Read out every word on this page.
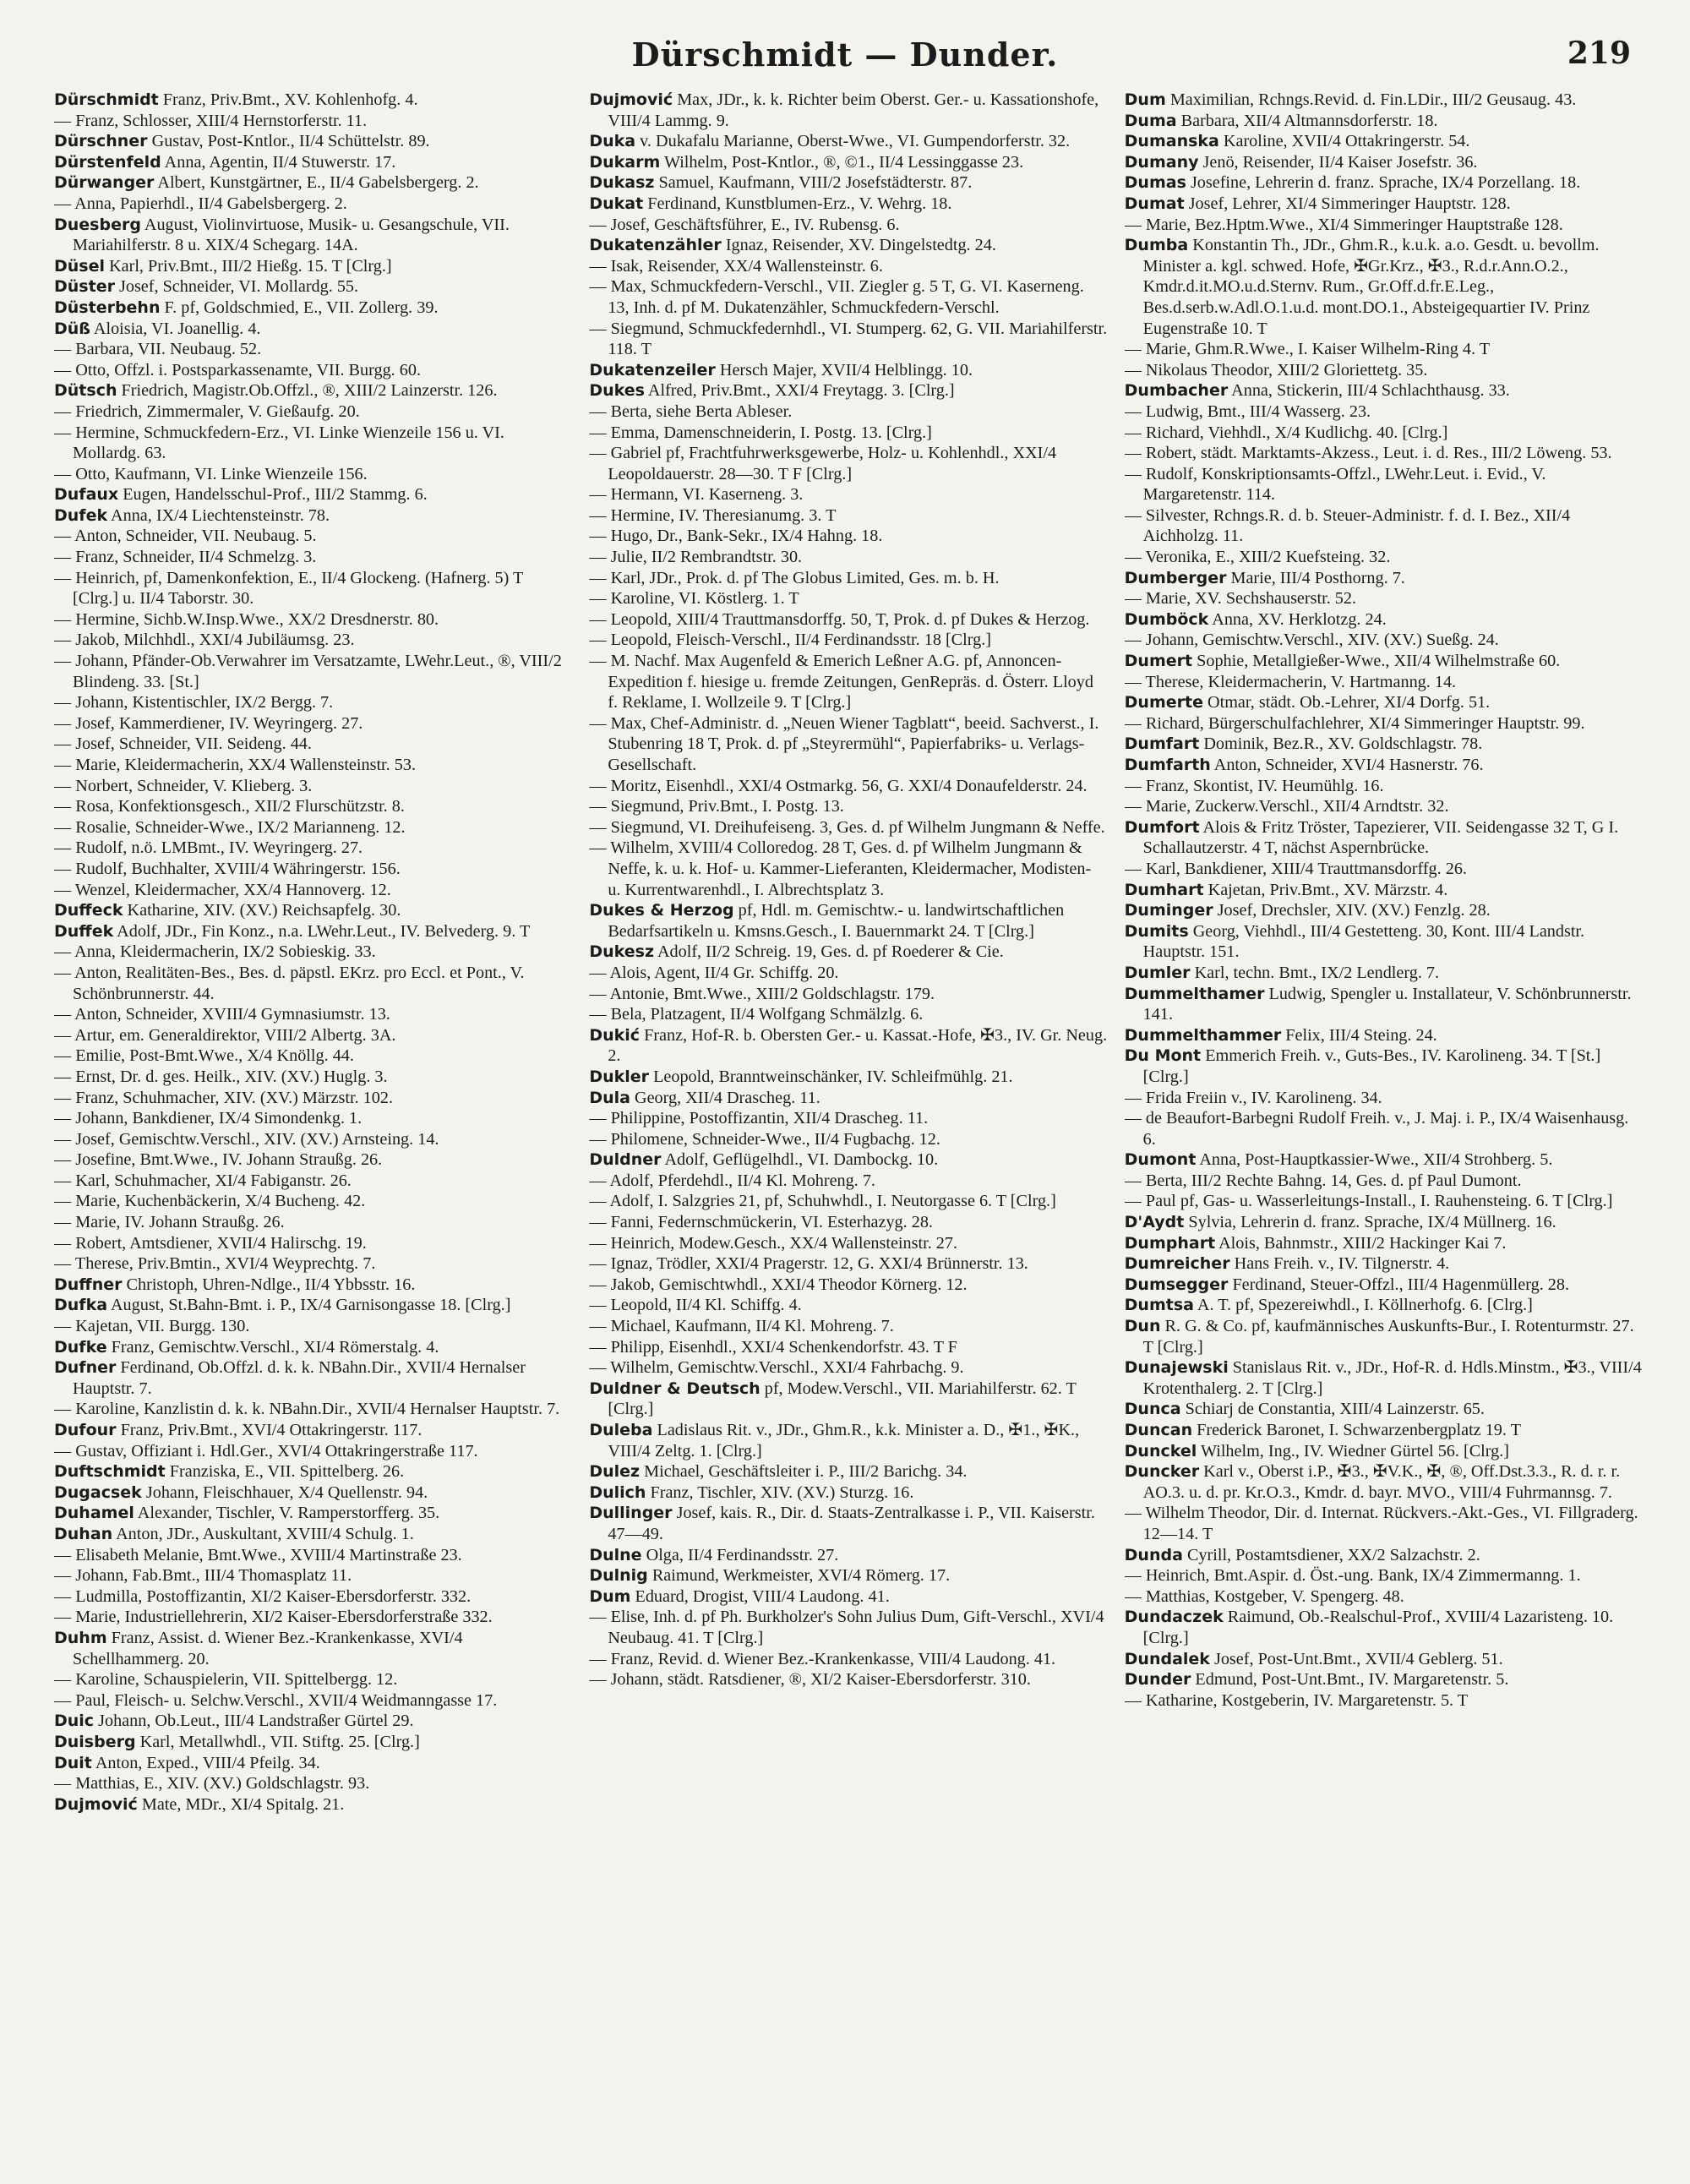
Dürschmidt — Dunder.	219

Dürschmidt Franz, Priv.Bmt., XV. Kohlenhofg. 4.

— Franz, Schlosser, XIII/4 Hernstorferstr. 11.

Dürschner Gustav, Post-Kntlor., II/4 Schüttelstr. 89.

Dürstenfeld Anna, Agentin, II/4 Stuwerstr. 17.

Dürwanger Albert, Kunstgärtner, E., II/4 Gabelsbergerg. 2.

— Anna, Papierhdl., II/4 Gabelsbergerg. 2.

Duesberg August, Violinvirtuose, Musik- u. Gesangschule, VII. Mariahilferstr. 8 u. XIX/4 Schegarg. 14A.

Düsel Karl, Priv.Bmt., III/2 Hießg. 15. T [Clrg.]

Düster Josef, Schneider, VI. Mollardg. 55.

Düsterbehn F. pf, Goldschmied, E., VII. Zollerg. 39.

Düß Aloisia, VI. Joanellig. 4.

— Barbara, VII. Neubaug. 52.

— Otto, Offzl. i. Postsparkassenamte, VII. Burgg. 60.

Dütsch Friedrich, Magistr.Ob.Offzl., ®, XIII/2 Lainzerstr. 126.

— Friedrich, Zimmermaler, V. Gießaufg. 20.

— Hermine, Schmuckfedern-Erz., VI. Linke Wienzeile 156 u. VI. Mollardg. 63.

— Otto, Kaufmann, VI. Linke Wienzeile 156.

Dufaux Eugen, Handelsschul-Prof., III/2 Stammg. 6.

Dufek Anna, IX/4 Liechtensteinstr. 78.

— Anton, Schneider, VII. Neubaug. 5.

— Franz, Schneider, II/4 Schmelzg. 3.

— Heinrich, pf, Damenkonfektion, E., II/4 Glockeng. (Hafnerg. 5) T [Clrg.] u. II/4 Taborstr. 30.

— Hermine, Sichb.W.Insp.Wwe., XX/2 Dresdnerstr. 80.

— Jakob, Milchhdl., XXI/4 Jubiläumsg. 23.

— Johann, Pfänder-Ob.Verwahrer im Versatzamte, LWehr.Leut., ®, VIII/2 Blindeng. 33. [St.]

— Johann, Kistentischler, IX/2 Bergg. 7.

— Josef, Kammerdiener, IV. Weyringerg. 27.

— Josef, Schneider, VII. Seideng. 44.

— Marie, Kleidermacherin, XX/4 Wallensteinstr. 53.

— Norbert, Schneider, V. Klieberg. 3.

— Rosa, Konfektionsgesch., XII/2 Flurschützstr. 8.

— Rosalie, Schneider-Wwe., IX/2 Marianneng. 12.

— Rudolf, n.ö. LMBmt., IV. Weyringerg. 27.

— Rudolf, Buchhalter, XVIII/4 Währingerstr. 156.

— Wenzel, Kleidermacher, XX/4 Hannoverg. 12.

Duffeck Katharine, XIV. (XV.) Reichsapfelg. 30.

Duffek Adolf, JDr., Fin Konz., n.a. LWehr.Leut., IV. Belvederg. 9. T

— Anna, Kleidermacherin, IX/2 Sobieskig. 33.

— Anton, Realitäten-Bes., Bes. d. päpstl. EKrz. pro Eccl. et Pont., V. Schönbrunnerstr. 44.

— Anton, Schneider, XVIII/4 Gymnasiumstr. 13.

— Artur, em. Generaldirektor, VIII/2 Albertg. 3A.

— Emilie, Post-Bmt.Wwe., X/4 Knöllg. 44.

— Ernst, Dr. d. ges. Heilk., XIV. (XV.) Huglg. 3.

— Franz, Schuhmacher, XIV. (XV.) Märzstr. 102.

— Johann, Bankdiener, IX/4 Simondenkg. 1.

— Josef, Gemischtw.Verschl., XIV. (XV.) Arnsteing. 14.

— Josefine, Bmt.Wwe., IV. Johann Straußg. 26.

— Karl, Schuhmacher, XI/4 Fabiganstr. 26.

— Marie, Kuchenbäckerin, X/4 Bucheng. 42.

— Marie, IV. Johann Straußg. 26.

— Robert, Amtsdiener, XVII/4 Halirschg. 19.

— Therese, Priv.Bmtin., XVI/4 Weyprechtg. 7.

Duffner Christoph, Uhren-Ndlge., II/4 Ybbsstr. 16.

Dufka August, St.Bahn-Bmt. i. P., IX/4 Garnisongasse 18. [Clrg.]

— Kajetan, VII. Burgg. 130.

Dufke Franz, Gemischtw.Verschl., XI/4 Römerstalg. 4.

Dufner Ferdinand, Ob.Offzl. d. k. k. NBahn.Dir., XVII/4 Hernalser Hauptstr. 7.

— Karoline, Kanzlistin d. k. k. NBahn.Dir., XVII/4 Hernalser Hauptstr. 7.

Dufour Franz, Priv.Bmt., XVI/4 Ottakringerstr. 117.

— Gustav, Offiziant i. Hdl.Ger., XVI/4 Ottakringerstraße 117.

Duftschmidt Franziska, E., VII. Spittelberg. 26.

Dugacsek Johann, Fleischhauer, X/4 Quellenstr. 94.

Duhamel Alexander, Tischler, V. Ramperstorfferg. 35.

Duhan Anton, JDr., Auskultant, XVIII/4 Schulg. 1.

— Elisabeth Melanie, Bmt.Wwe., XVIII/4 Martinstraße 23.

— Johann, Fab.Bmt., III/4 Thomasplatz 11.

— Ludmilla, Postoffizantin, XI/2 Kaiser-Ebersdorferstr. 332.

— Marie, Industriellehrerin, XI/2 Kaiser-Ebersdorferstraße 332.

Duhm Franz, Assist. d. Wiener Bez.-Krankenkasse, XVI/4 Schellhammerg. 20.

— Karoline, Schauspielerin, VII. Spittelbergg. 12.

— Paul, Fleisch- u. Selchw.Verschl., XVII/4 Weidmanngasse 17.

Duic Johann, Ob.Leut., III/4 Landstraßer Gürtel 29.

Duisberg Karl, Metallwhdl., VII. Stiftg. 25. [Clrg.]

Duit Anton, Exped., VIII/4 Pfeilg. 34.

— Matthias, E., XIV. (XV.) Goldschlagstr. 93.

Dujmović Mate, MDr., XI/4 Spitalg. 21.

Dujmović Max, JDr., k. k. Richter beim Oberst. Ger.- u. Kassationshofe, VIII/4 Lammg. 9.

Duka v. Dukafalu Marianne, Oberst-Wwe., VI. Gumpendorferstr. 32.

Dukarm Wilhelm, Post-Kntlor., ®, ©1., II/4 Lessinggasse 23.

Dukasz Samuel, Kaufmann, VIII/2 Josefstädterstr. 87.

Dukat Ferdinand, Kunstblumen-Erz., V. Wehrg. 18.

— Josef, Geschäftsführer, E., IV. Rubensg. 6.

Dukatenzähler Ignaz, Reisender, XV. Dingelstedtg. 24.

— Isak, Reisender, XX/4 Wallensteinstr. 6.

— Max, Schmuckfedern-Verschl., VII. Ziegler g. 5 T, G. VI. Kaserneng. 13, Inh. d. pf M. Dukatenzähler, Schmuckfedern-Verschl.

— Siegmund, Schmuckfedernhdl., VI. Stumperg. 62, G. VII. Mariahilferstr. 118. T

Dukatenzeiler Hersch Majer, XVII/4 Helblingg. 10.

Dukes Alfred, Priv.Bmt., XXI/4 Freytagg. 3. [Clrg.]

— Berta, siehe Berta Ableser.

— Emma, Damenschneiderin, I. Postg. 13. [Clrg.]

— Gabriel pf, Frachtfuhrwerksgewerbe, Holz- u. Kohlenhdl., XXI/4 Leopoldauerstr. 28—30. T F [Clrg.]

— Hermann, VI. Kaserneng. 3.

— Hermine, IV. Theresianumg. 3. T

— Hugo, Dr., Bank-Sekr., IX/4 Hahng. 18.

— Julie, II/2 Rembrandtstr. 30.

— Karl, JDr., Prok. d. pf The Globus Limited, Ges. m. b. H.

— Karoline, VI. Köstlerg. 1. T

— Leopold, XIII/4 Trauttmansdorffg. 50, T, Prok. d. pf Dukes & Herzog.

— Leopold, Fleisch-Verschl., II/4 Ferdinandsstr. 18 [Clrg.]

— M. Nachf. Max Augenfeld & Emerich Leßner A.G. pf, Annoncen-Expedition f. hiesige u. fremde Zeitungen, GenRepräs. d. Österr. Lloyd f. Reklame, I. Wollzeile 9. T [Clrg.]

— Max, Chef-Administr. d. „Neuen Wiener Tagblatt“, beeid. Sachverst., I. Stubenring 18 T, Prok. d. pf „Steyrermühl“, Papierfabriks- u. Verlags-Gesellschaft.

— Moritz, Eisenhdl., XXI/4 Ostmarkg. 56, G. XXI/4 Donaufelderstr. 24.

— Siegmund, Priv.Bmt., I. Postg. 13.

— Siegmund, VI. Dreihufeiseng. 3, Ges. d. pf Wilhelm Jungmann & Neffe.

— Wilhelm, XVIII/4 Colloredog. 28 T, Ges. d. pf Wilhelm Jungmann & Neffe, k. u. k. Hof- u. Kammer-Lieferanten, Kleidermacher, Modisten- u. Kurrentwarenhdl., I. Albrechtsplatz 3.

Dukes & Herzog pf, Hdl. m. Gemischtw.- u. landwirtschaftlichen Bedarfsartikeln u. Kmsns.Gesch., I. Bauernmarkt 24. T [Clrg.]

Dukesz Adolf, II/2 Schreig. 19, Ges. d. pf Roederer & Cie.

— Alois, Agent, II/4 Gr. Schiffg. 20.

— Antonie, Bmt.Wwe., XIII/2 Goldschlagstr. 179.

— Bela, Platzagent, II/4 Wolfgang Schmälzlg. 6.

Dukić Franz, Hof-R. b. Obersten Ger.- u. Kassat.-Hofe, ✠3., IV. Gr. Neug. 2.

Dukler Leopold, Branntweinschänker, IV. Schleifmühlg. 21.

Dula Georg, XII/4 Drascheg. 11.

— Philippine, Postoffizantin, XII/4 Drascheg. 11.

— Philomene, Schneider-Wwe., II/4 Fugbachg. 12.

Duldner Adolf, Geflügelhdl., VI. Dambockg. 10.

— Adolf, Pferdehdl., II/4 Kl. Mohreng. 7.

— Adolf, I. Salzgries 21, pf, Schuhwhdl., I. Neutorgasse 6. T [Clrg.]

— Fanni, Federnschmückerin, VI. Esterhazyg. 28.

— Heinrich, Modew.Gesch., XX/4 Wallensteinstr. 27.

— Ignaz, Trödler, XXI/4 Pragerstr. 12, G. XXI/4 Brünnerstr. 13.

— Jakob, Gemischtwhdl., XXI/4 Theodor Körnerg. 12.

— Leopold, II/4 Kl. Schiffg. 4.

— Michael, Kaufmann, II/4 Kl. Mohreng. 7.

— Philipp, Eisenhdl., XXI/4 Schenkendorfstr. 43. T F

— Wilhelm, Gemischtw.Verschl., XXI/4 Fahrbachg. 9.

Duldner & Deutsch pf, Modew.Verschl., VII. Mariahilferstr. 62. T [Clrg.]

Duleba Ladislaus Rit. v., JDr., Ghm.R., k.k. Minister a. D., ✠1., ✠K., VIII/4 Zeltg. 1. [Clrg.]

Dulez Michael, Geschäftsleiter i. P., III/2 Barichg. 34.

Dulich Franz, Tischler, XIV. (XV.) Sturzg. 16.

Dullinger Josef, kais. R., Dir. d. Staats-Zentralkasse i. P., VII. Kaiserstr. 47—49.

Dulne Olga, II/4 Ferdinandsstr. 27.

Dulnig Raimund, Werkmeister, XVI/4 Römerg. 17.

Dum Eduard, Drogist, VIII/4 Laudong. 41.

— Elise, Inh. d. pf Ph. Burkholzer's Sohn Julius Dum, Gift-Verschl., XVI/4 Neubaug. 41. T [Clrg.]

— Franz, Revid. d. Wiener Bez.-Krankenkasse, VIII/4 Laudong. 41.

— Johann, städt. Ratsdiener, ®, XI/2 Kaiser-Ebersdorferstr. 310.

Dum Maximilian, Rchngs.Revid. d. Fin.LDir., III/2 Geusaug. 43.

Duma Barbara, XII/4 Altmannsdorferstr. 18.

Dumanska Karoline, XVII/4 Ottakringerstr. 54.

Dumany Jenö, Reisender, II/4 Kaiser Josefstr. 36.

Dumas Josefine, Lehrerin d. franz. Sprache, IX/4 Porzellang. 18.

Dumat Josef, Lehrer, XI/4 Simmeringer Hauptstr. 128.

— Marie, Bez.Hptm.Wwe., XI/4 Simmeringer Hauptstraße 128.

Dumba Konstantin Th., JDr., Ghm.R., k.u.k. a.o. Gesdt. u. bevollm. Minister a. kgl. schwed. Hofe, ✠Gr.Krz., ✠3., R.d.r.Ann.O.2., Kmdr.d.it.MO.u.d.Sternv. Rum., Gr.Off.d.fr.E.Leg., Bes.d.serb.w.Adl.O.1.u.d. mont.DO.1., Absteigequartier IV. Prinz Eugenstraße 10. T

— Marie, Ghm.R.Wwe., I. Kaiser Wilhelm-Ring 4. T

— Nikolaus Theodor, XIII/2 Gloriettetg. 35.

Dumbacher Anna, Stickerin, III/4 Schlachthausg. 33.

— Ludwig, Bmt., III/4 Wasserg. 23.

— Richard, Viehhdl., X/4 Kudlichg. 40. [Clrg.]

— Robert, städt. Marktamts-Akzess., Leut. i. d. Res., III/2 Löweng. 53.

— Rudolf, Konskriptionsamts-Offzl., LWehr.Leut. i. Evid., V. Margaretenstr. 114.

— Silvester, Rchngs.R. d. b. Steuer-Administr. f. d. I. Bez., XII/4 Aichholzg. 11.

— Veronika, E., XIII/2 Kuefsteing. 32.

Dumberger Marie, III/4 Posthorng. 7.

— Marie, XV. Sechshauserstr. 52.

Dumböck Anna, XV. Herklotzg. 24.

— Johann, Gemischtw.Verschl., XIV. (XV.) Sueßg. 24.

Dumert Sophie, Metallgießer-Wwe., XII/4 Wilhelmstraße 60.

— Therese, Kleidermacherin, V. Hartmanng. 14.

Dumerte Otmar, städt. Ob.-Lehrer, XI/4 Dorfg. 51.

— Richard, Bürgerschulfachlehrer, XI/4 Simmeringer Hauptstr. 99.

Dumfart Dominik, Bez.R., XV. Goldschlagstr. 78.

Dumfarth Anton, Schneider, XVI/4 Hasnerstr. 76.

— Franz, Skontist, IV. Heumühlg. 16.

— Marie, Zuckerw.Verschl., XII/4 Arndtstr. 32.

Dumfort Alois & Fritz Tröster, Tapezierer, VII. Seidengasse 32 T, G I. Schallautzerstr. 4 T, nächst Aspernbrücke.

— Karl, Bankdiener, XIII/4 Trauttmansdorffg. 26.

Dumhart Kajetan, Priv.Bmt., XV. Märzstr. 4.

Duminger Josef, Drechsler, XIV. (XV.) Fenzlg. 28.

Dumits Georg, Viehhdl., III/4 Gestetteng. 30, Kont. III/4 Landstr. Hauptstr. 151.

Dumler Karl, techn. Bmt., IX/2 Lendlerg. 7.

Dummelthamer Ludwig, Spengler u. Installateur, V. Schönbrunnerstr. 141.

Dummelthammer Felix, III/4 Steing. 24.

Du Mont Emmerich Freih. v., Guts-Bes., IV. Karolineng. 34. T [St.] [Clrg.]

— Frida Freiin v., IV. Karolineng. 34.

— de Beaufort-Barbegni Rudolf Freih. v., J. Maj. i. P., IX/4 Waisenhausg. 6.

Dumont Anna, Post-Hauptkassier-Wwe., XII/4 Strohberg. 5.

— Berta, III/2 Rechte Bahng. 14, Ges. d. pf Paul Dumont.

— Paul pf, Gas- u. Wasserleitungs-Install., I. Rauhensteing. 6. T [Clrg.]

D'Aydt Sylvia, Lehrerin d. franz. Sprache, IX/4 Müllnerg. 16.

Dumphart Alois, Bahnmstr., XIII/2 Hackinger Kai 7.

Dumreicher Hans Freih. v., IV. Tilgnerstr. 4.

Dumsegger Ferdinand, Steuer-Offzl., III/4 Hagenmüllerg. 28.

Dumtsa A. T. pf, Spezereiwhdl., I. Köllnerhofg. 6. [Clrg.]

Dun R. G. & Co. pf, kaufmännisches Auskunfts-Bur., I. Rotenturmstr. 27. T [Clrg.]

Dunajewski Stanislaus Rit. v., JDr., Hof-R. d. Hdls.Minstm., ✠3., VIII/4 Krotenthalerg. 2. T [Clrg.]

Dunca Schiarj de Constantia, XIII/4 Lainzerstr. 65.

Duncan Frederick Baronet, I. Schwarzenbergplatz 19. T

Dunckel Wilhelm, Ing., IV. Wiedner Gürtel 56. [Clrg.]

Duncker Karl v., Oberst i.P., ✠3., ✠V.K., ✠, ®, Off.Dst.3.3., R. d. r. r. AO.3. u. d. pr. Kr.O.3., Kmdr. d. bayr. MVO., VIII/4 Fuhrmannsg. 7.

— Wilhelm Theodor, Dir. d. Internat. Rückvers.-Akt.-Ges., VI. Fillgraderg. 12—14. T

Dunda Cyrill, Postamtsdiener, XX/2 Salzachstr. 2.

— Heinrich, Bmt.Aspir. d. Öst.-ung. Bank, IX/4 Zimmermanng. 1.

— Matthias, Kostgeber, V. Spengerg. 48.

Dundaczek Raimund, Ob.-Realschul-Prof., XVIII/4 Lazaristeng. 10. [Clrg.]

Dundalek Josef, Post-Unt.Bmt., XVII/4 Geblerg. 51.

Dunder Edmund, Post-Unt.Bmt., IV. Margaretenstr. 5.

— Katharine, Kostgeberin, IV. Margaretenstr. 5. T
